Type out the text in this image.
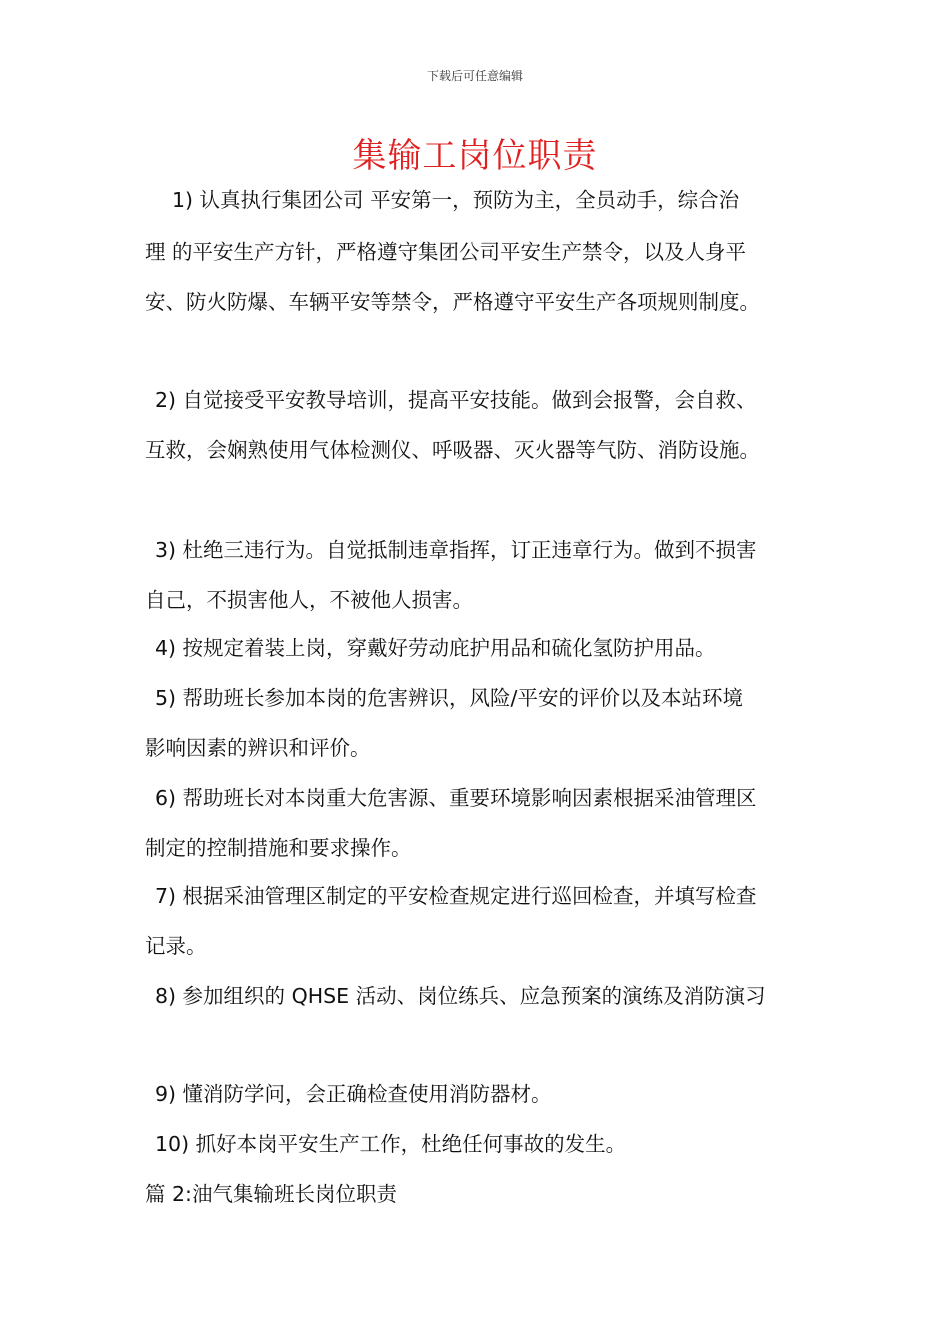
下载后可任意编辑
集输工岗位职责
1) 认真执行集团公司 平安第一，预防为主，全员动手，综合治
理 的平安生产方针，严格遵守集团公司平安生产禁令，以及人身平
安、防火防爆、车辆平安等禁令，严格遵守平安生产各项规则制度。
2) 自觉接受平安教导培训，提高平安技能。做到会报警，会自救、
互救，会娴熟使用气体检测仪、呼吸器、灭火器等气防、消防设施。
3) 杜绝三违行为。自觉抵制违章指挥，订正违章行为。做到不损害
自己，不损害他人，不被他人损害。
4) 按规定着装上岗，穿戴好劳动庇护用品和硫化氢防护用品。
5) 帮助班长参加本岗的危害辨识，风险/平安的评价以及本站环境
影响因素的辨识和评价。
6) 帮助班长对本岗重大危害源、重要环境影响因素根据采油管理区
制定的控制措施和要求操作。
7) 根据采油管理区制定的平安检查规定进行巡回检查，并填写检查
记录。
8) 参加组织的 QHSE 活动、岗位练兵、应急预案的演练及消防演习
9) 懂消防学问，会正确检查使用消防器材。
10) 抓好本岗平安生产工作，杜绝任何事故的发生。
篇 2:油气集输班长岗位职责
